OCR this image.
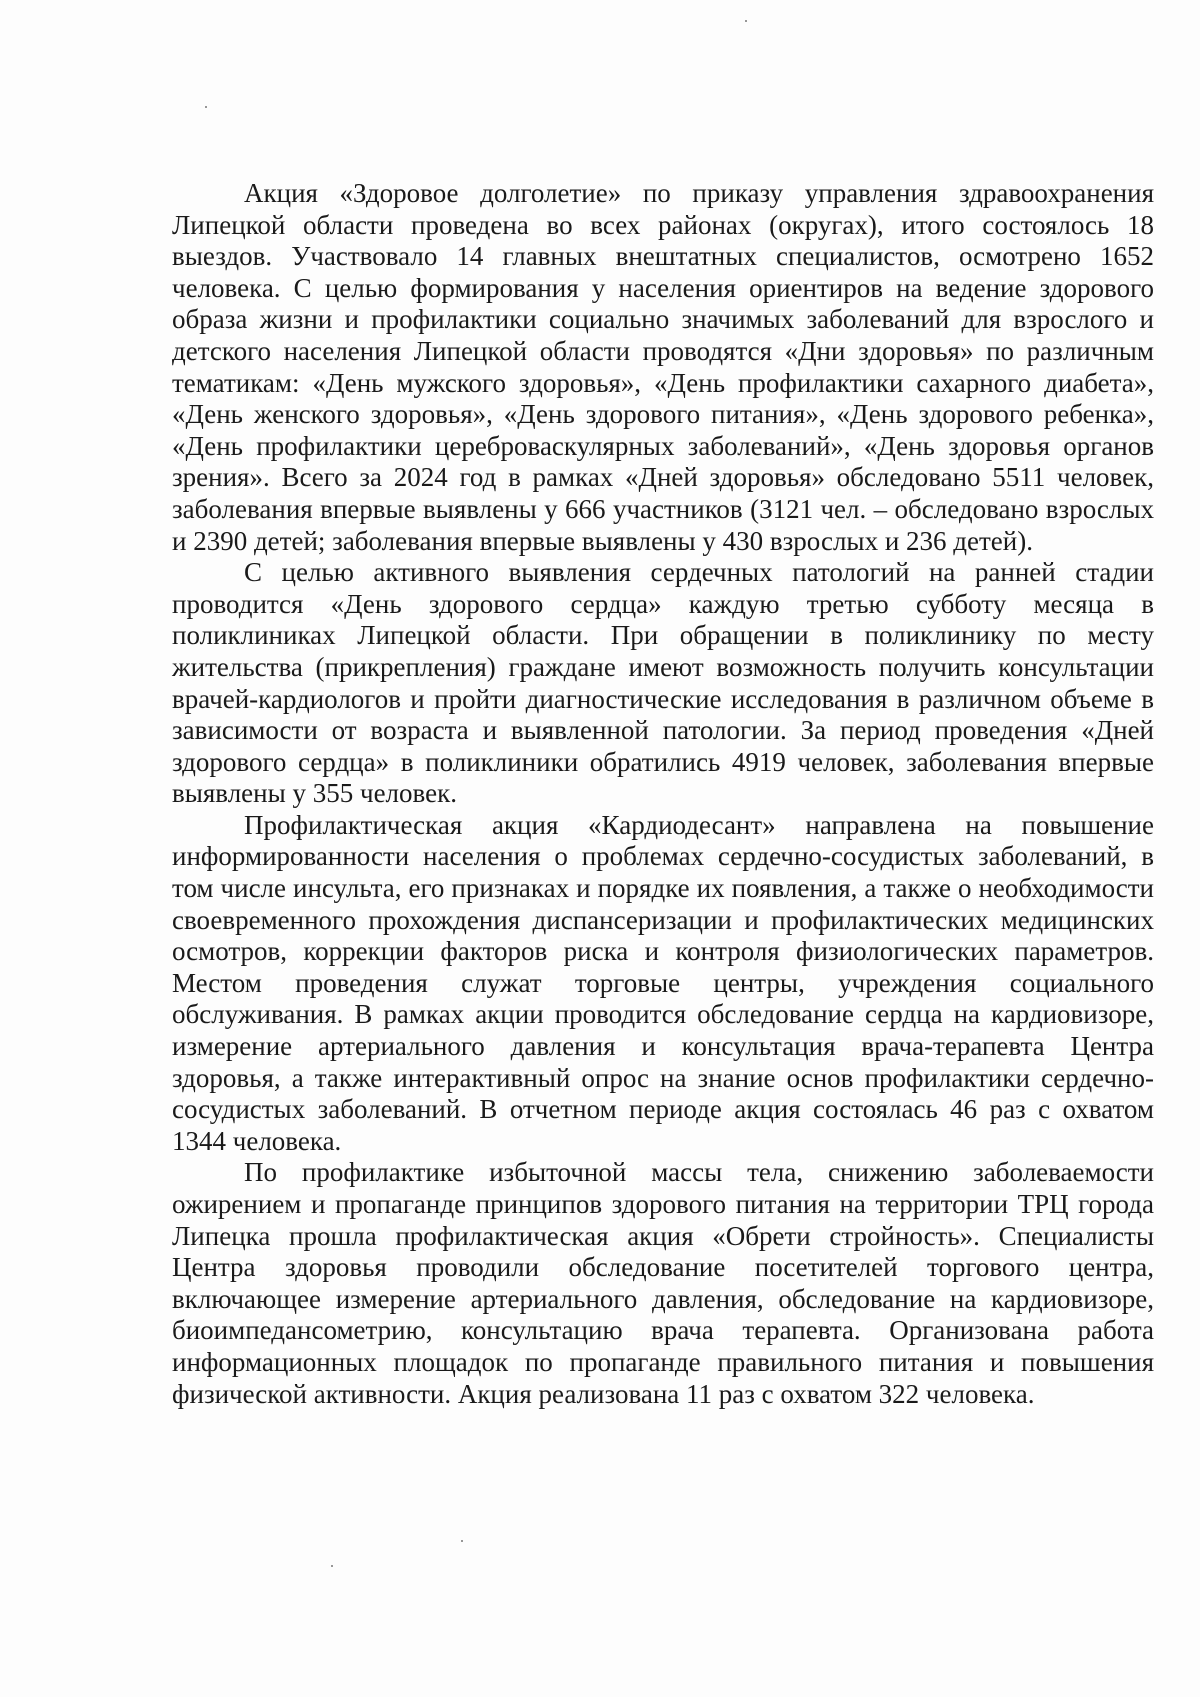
Акция «Здоровое долголетие» по приказу управления здравоохранения Липецкой области проведена во всех районах (округах), итого состоялось 18 выездов. Участвовало 14 главных внештатных специалистов, осмотрено 1652 человека. С целью формирования у населения ориентиров на ведение здорового образа жизни и профилактики социально значимых заболеваний для взрослого и детского населения Липецкой области проводятся «Дни здоровья» по различным тематикам: «День мужского здоровья», «День профилактики сахарного диабета», «День женского здоровья», «День здорового питания», «День здорового ребенка», «День профилактики цереброваскулярных заболеваний», «День здоровья органов зрения». Всего за 2024 год в рамках «Дней здоровья» обследовано 5511 человек, заболевания впервые выявлены у 666 участников (3121 чел. – обследовано взрослых и 2390 детей; заболевания впервые выявлены у 430 взрослых и 236 детей).

С целью активного выявления сердечных патологий на ранней стадии проводится «День здорового сердца» каждую третью субботу месяца в поликлиниках Липецкой области. При обращении в поликлинику по месту жительства (прикрепления) граждане имеют возможность получить консультации врачей-кардиологов и пройти диагностические исследования в различном объеме в зависимости от возраста и выявленной патологии. За период проведения «Дней здорового сердца» в поликлиники обратились 4919 человек, заболевания впервые выявлены у 355 человек.

Профилактическая акция «Кардиодесант» направлена на повышение информированности населения о проблемах сердечно-сосудистых заболеваний, в том числе инсульта, его признаках и порядке их появления, а также о необходимости своевременного прохождения диспансеризации и профилактических медицинских осмотров, коррекции факторов риска и контроля физиологических параметров. Местом проведения служат торговые центры, учреждения социального обслуживания. В рамках акции проводится обследование сердца на кардиовизоре, измерение артериального давления и консультация врача-терапевта Центра здоровья, а также интерактивный опрос на знание основ профилактики сердечно-сосудистых заболеваний. В отчетном периоде акция состоялась 46 раз с охватом 1344 человека.

По профилактике избыточной массы тела, снижению заболеваемости ожирением и пропаганде принципов здорового питания на территории ТРЦ города Липецка прошла профилактическая акция «Обрети стройность». Специалисты Центра здоровья проводили обследование посетителей торгового центра, включающее измерение артериального давления, обследование на кардиовизоре, биоимпедансометрию, консультацию врача терапевта. Организована работа информационных площадок по пропаганде правильного питания и повышения физической активности. Акция реализована 11 раз с охватом 322 человека.
